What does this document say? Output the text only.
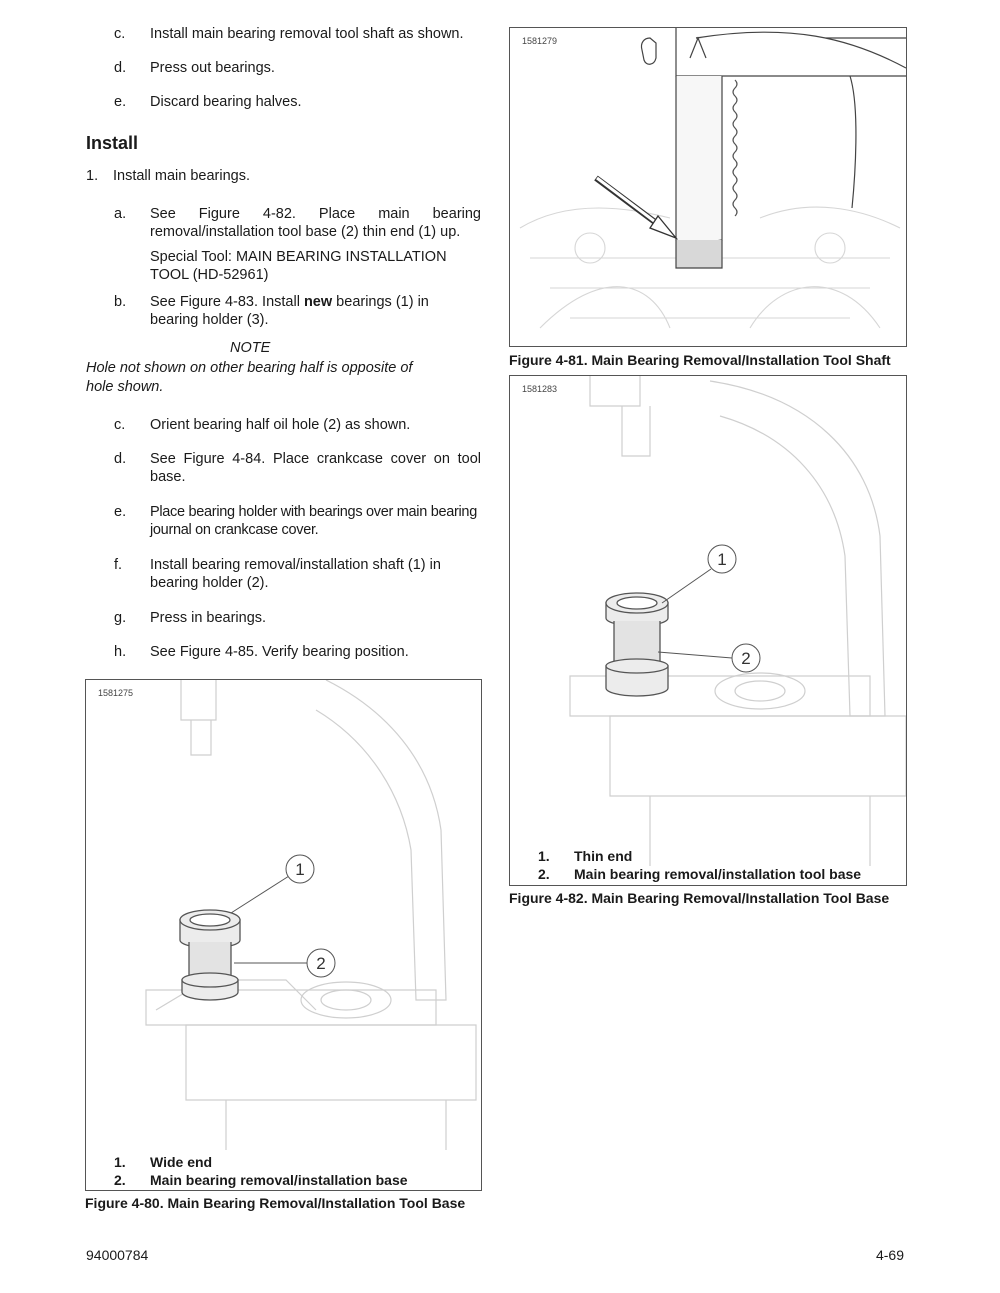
c. Install main bearing removal tool shaft as shown.
d. Press out bearings.
e. Discard bearing halves.
Install
1. Install main bearings.
a. See Figure 4-82. Place main bearing removal/installation tool base (2) thin end (1) up.
Special Tool: MAIN BEARING INSTALLATION TOOL (HD-52961)
b. See Figure 4-83. Install new bearings (1) in bearing holder (3).
NOTE
Hole not shown on other bearing half is opposite of hole shown.
c. Orient bearing half oil hole (2) as shown.
d. See Figure 4-84. Place crankcase cover on tool base.
e. Place bearing holder with bearings over main bearing journal on crankcase cover.
f. Install bearing removal/installation shaft (1) in bearing holder (2).
g. Press in bearings.
h. See Figure 4-85. Verify bearing position.
1
2
1581275
1. Wide end
2. Main bearing removal/installation base
Figure 4-80. Main Bearing Removal/Installation Tool Base
1581279
Figure 4-81. Main Bearing Removal/Installation Tool Shaft
1
2
1581283
1. Thin end
2. Main bearing removal/installation tool base
Figure 4-82. Main Bearing Removal/Installation Tool Base
94000784	4-69
